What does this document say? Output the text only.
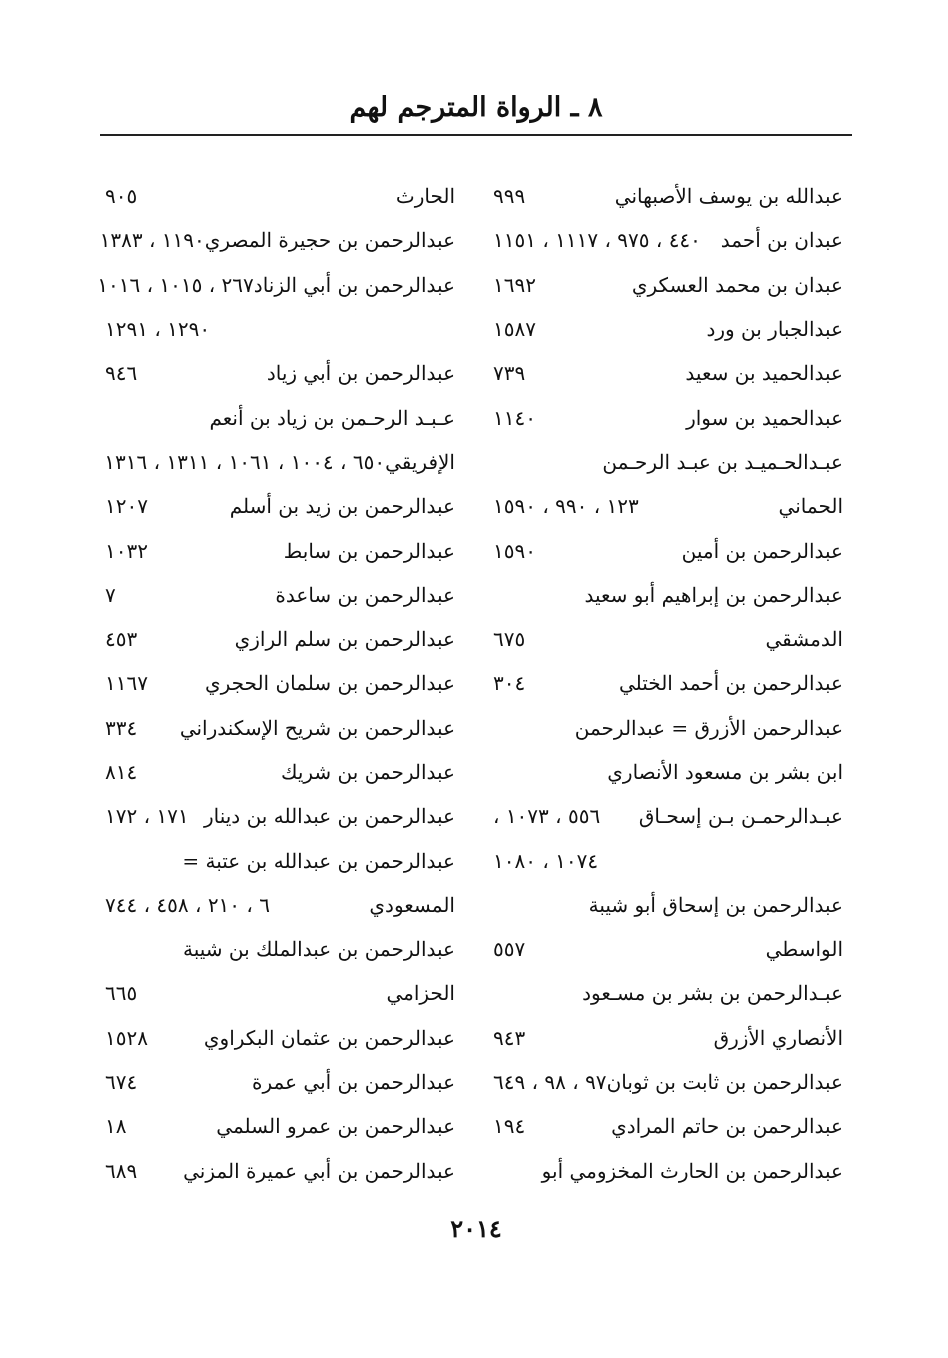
٨ ـ الرواة المترجم لهم
عبدالله بن يوسف الأصبهاني
٩٩٩
عبدان بن أحمد
٤٤٠ ، ٩٧٥ ، ١١١٧ ، ١١٥١
عبدان بن محمد العسكري
١٦٩٢
عبدالجبار بن ورد
١٥٨٧
عبدالحميد بن سعيد
٧٣٩
عبدالحميد بن سوار
١١٤٠
عبـدالحـميـد بن عبـد الرحـمن
الحماني
١٢٣ ، ٩٩٠ ، ١٥٩٠
عبدالرحمن بن أمين
١٥٩٠
عبدالرحمن بن إبراهيم أبو سعيد
الدمشقي
٦٧٥
عبدالرحمن بن أحمد الختلي
٣٠٤
عبدالرحمن الأزرق = عبدالرحمن
ابن بشر بن مسعود الأنصاري
عبـدالرحمـن بـن إسحـاق
٥٥٦ ، ١٠٧٣ ،
١٠٧٤ ، ١٠٨٠
عبدالرحمن بن إسحاق أبو شيبة
الواسطي
٥٥٧
عبـدالرحمن بن بشر بن مسـعود
الأنصاري الأزرق
٩٤٣
عبدالرحمن بن ثابت بن ثوبان
٩٧ ، ٩٨ ، ٦٤٩
عبدالرحمن بن حاتم المرادي
١٩٤
عبدالرحمن بن الحارث المخزومي أبو
الحارث
٩٠٥
عبدالرحمن بن حجيرة المصري
١١٩٠ ، ١٣٨٣
عبدالرحمن بن أبي الزناد
٢٦٧ ، ١٠١٥ ، ١٠١٦
١٢٩٠ ، ١٢٩١
عبدالرحمن بن أبي زياد
٩٤٦
عـبـد الرحـمن بن زياد بن أنعم
الإفريقي
٦٥٠ ، ١٠٠٤ ، ١٠٦١ ، ١٣١١ ، ١٣١٦
عبدالرحمن بن زيد بن أسلم
١٢٠٧
عبدالرحمن بن سابط
١٠٣٢
عبدالرحمن بن ساعدة
٧
عبدالرحمن بن سلم الرازي
٤٥٣
عبدالرحمن بن سلمان الحجري
١١٦٧
عبدالرحمن بن شريح الإسكندراني
٣٣٤
عبدالرحمن بن شريك
٨١٤
عبدالرحمن بن عبدالله بن دينار
١٧١ ، ١٧٢
عبدالرحمن بن عبدالله بن عتبة =
المسعودي
٦ ، ٢١٠ ، ٤٥٨ ، ٧٤٤
عبدالرحمن بن عبدالملك بن شيبة
الحزامي
٦٦٥
عبدالرحمن بن عثمان البكراوي
١٥٢٨
عبدالرحمن بن أبي عمرة
٦٧٤
عبدالرحمن بن عمرو السلمي
١٨
عبدالرحمن بن أبي عميرة المزني
٦٨٩
٢٠١٤
